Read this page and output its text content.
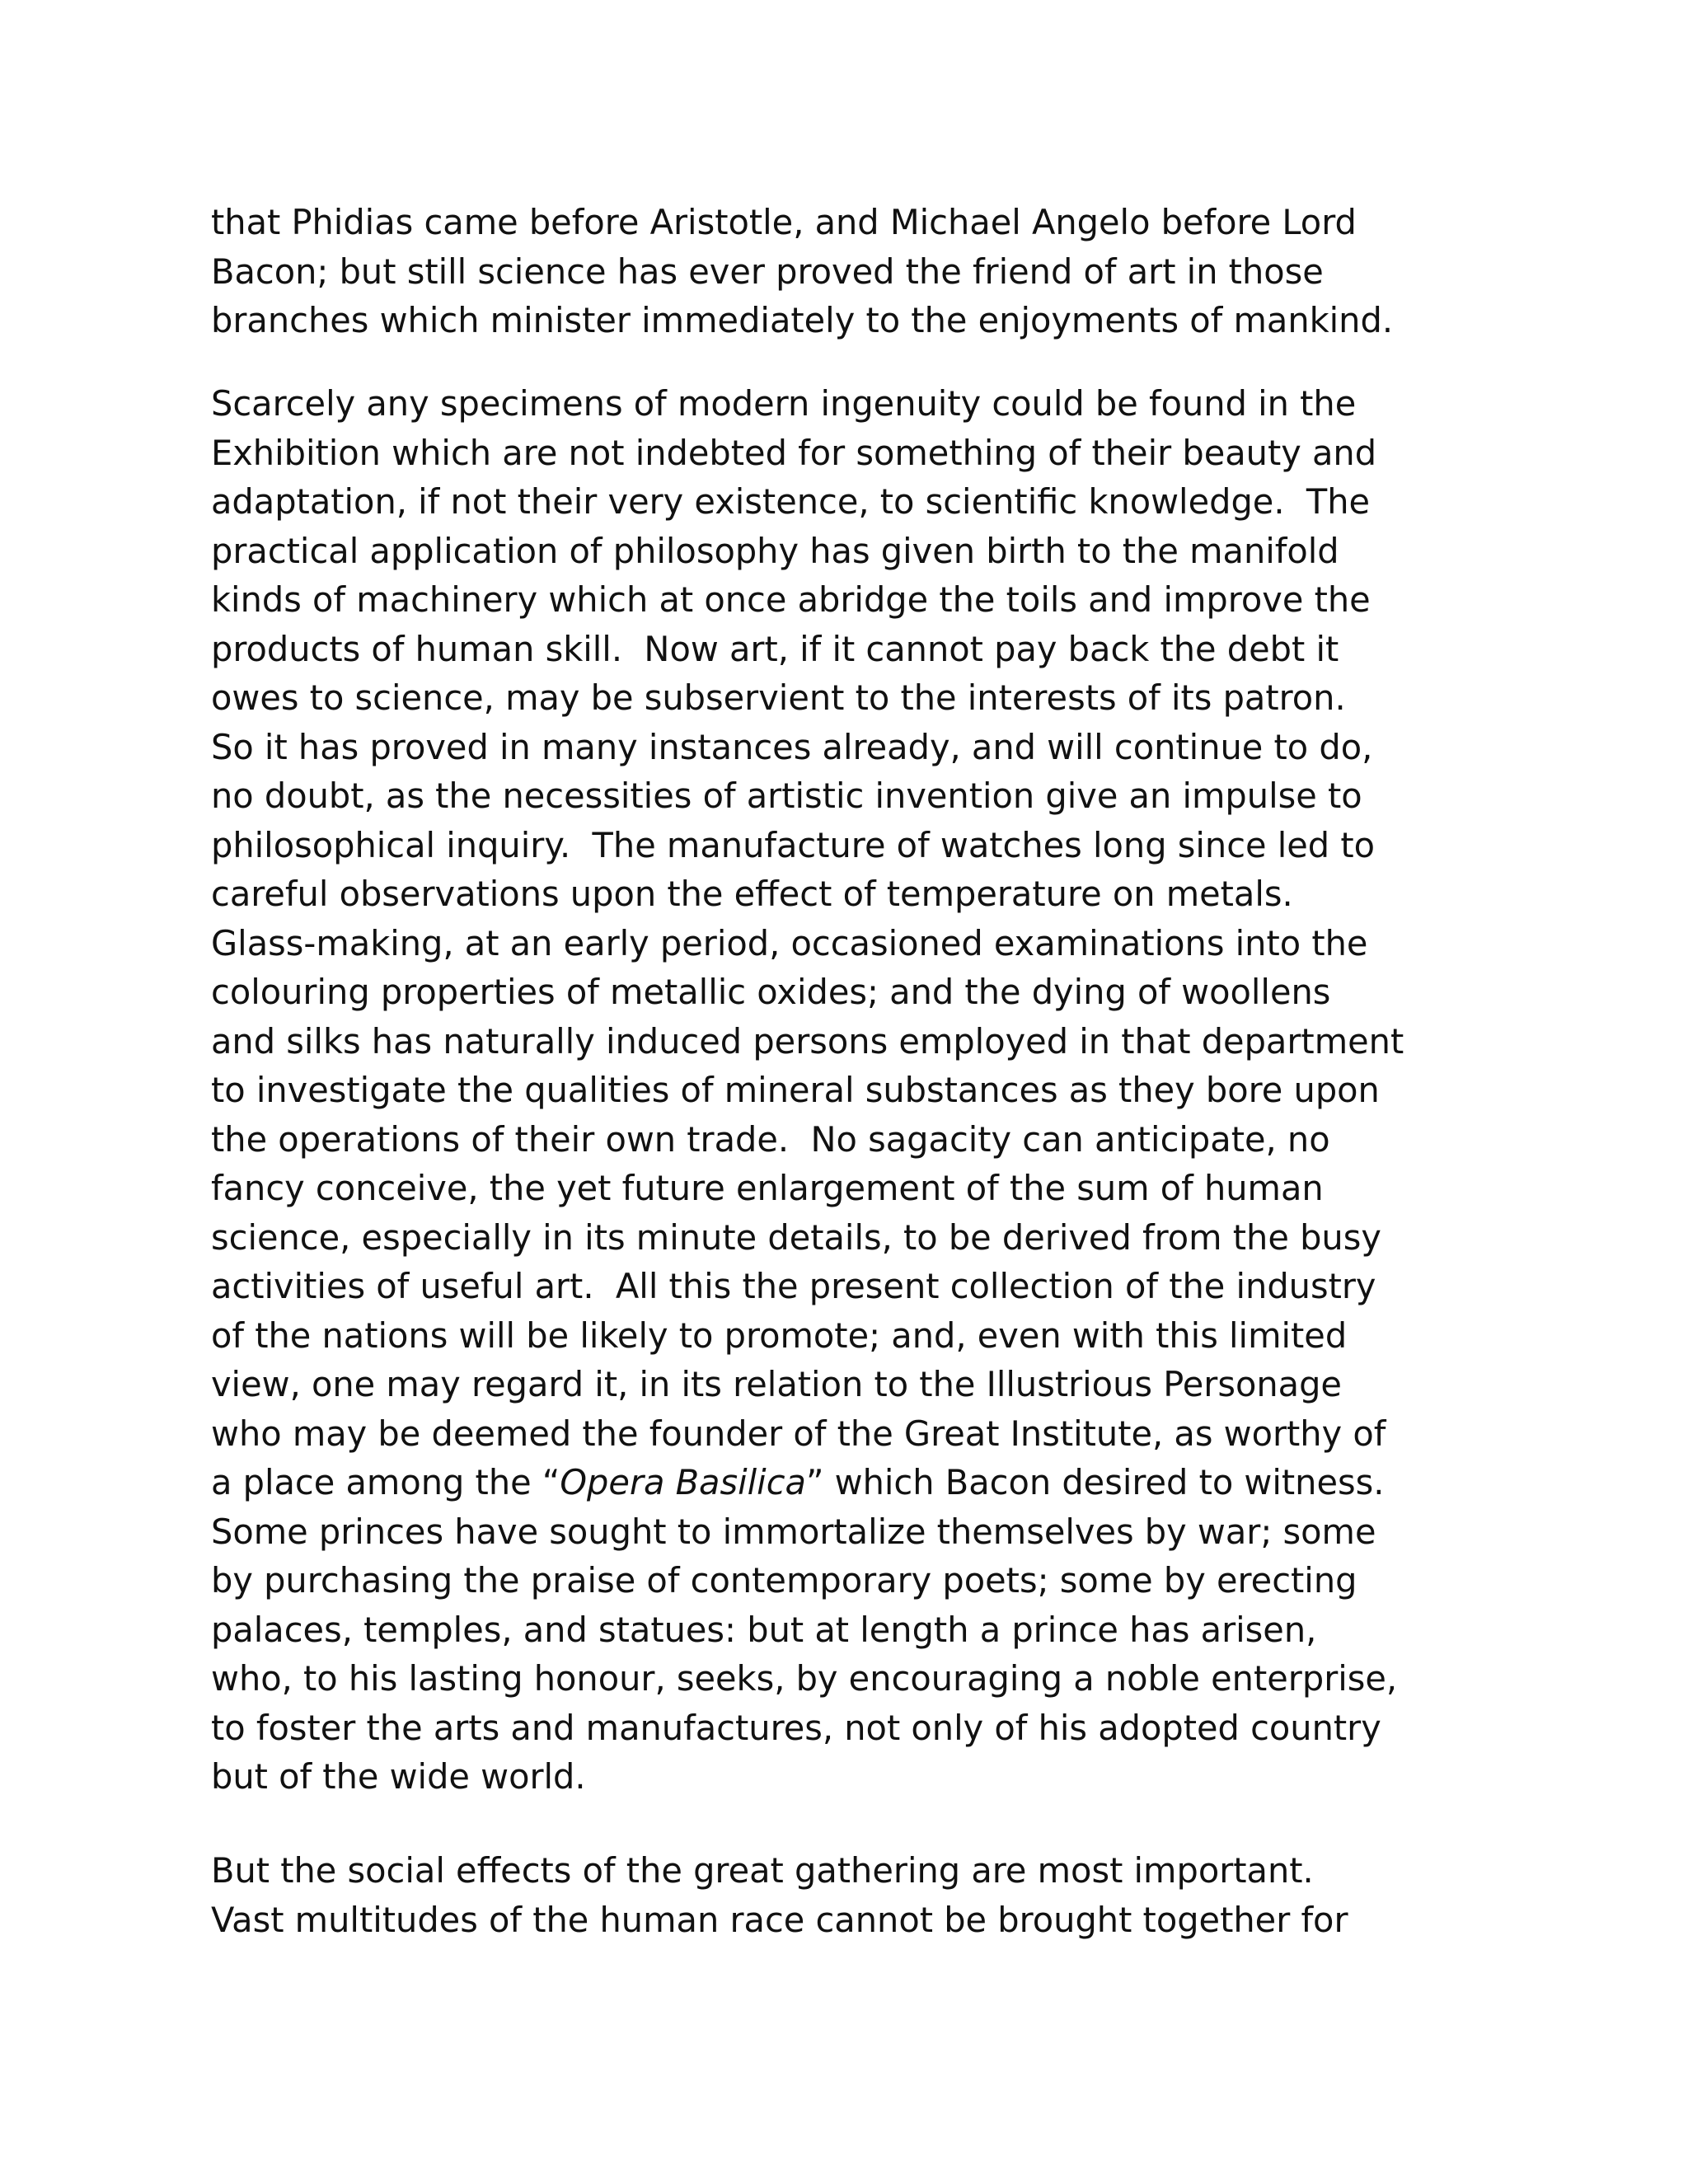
that Phidias came before Aristotle, and Michael Angelo before Lord
Bacon; but still science has ever proved the friend of art in those
branches which minister immediately to the enjoyments of mankind.
Scarcely any specimens of modern ingenuity could be found in the
Exhibition which are not indebted for something of their beauty and
adaptation, if not their very existence, to scientific knowledge.  The
practical application of philosophy has given birth to the manifold
kinds of machinery which at once abridge the toils and improve the
products of human skill.  Now art, if it cannot pay back the debt it
owes to science, may be subservient to the interests of its patron.
So it has proved in many instances already, and will continue to do,
no doubt, as the necessities of artistic invention give an impulse to
philosophical inquiry.  The manufacture of watches long since led to
careful observations upon the effect of temperature on metals.
Glass-making, at an early period, occasioned examinations into the
colouring properties of metallic oxides; and the dying of woollens
and silks has naturally induced persons employed in that department
to investigate the qualities of mineral substances as they bore upon
the operations of their own trade.  No sagacity can anticipate, no
fancy conceive, the yet future enlargement of the sum of human
science, especially in its minute details, to be derived from the busy
activities of useful art.  All this the present collection of the industry
of the nations will be likely to promote; and, even with this limited
view, one may regard it, in its relation to the Illustrious Personage
who may be deemed the founder of the Great Institute, as worthy of
a place among the “Opera Basilica” which Bacon desired to witness.
Some princes have sought to immortalize themselves by war; some
by purchasing the praise of contemporary poets; some by erecting
palaces, temples, and statues: but at length a prince has arisen,
who, to his lasting honour, seeks, by encouraging a noble enterprise,
to foster the arts and manufactures, not only of his adopted country
but of the wide world.
But the social effects of the great gathering are most important.
Vast multitudes of the human race cannot be brought together for
